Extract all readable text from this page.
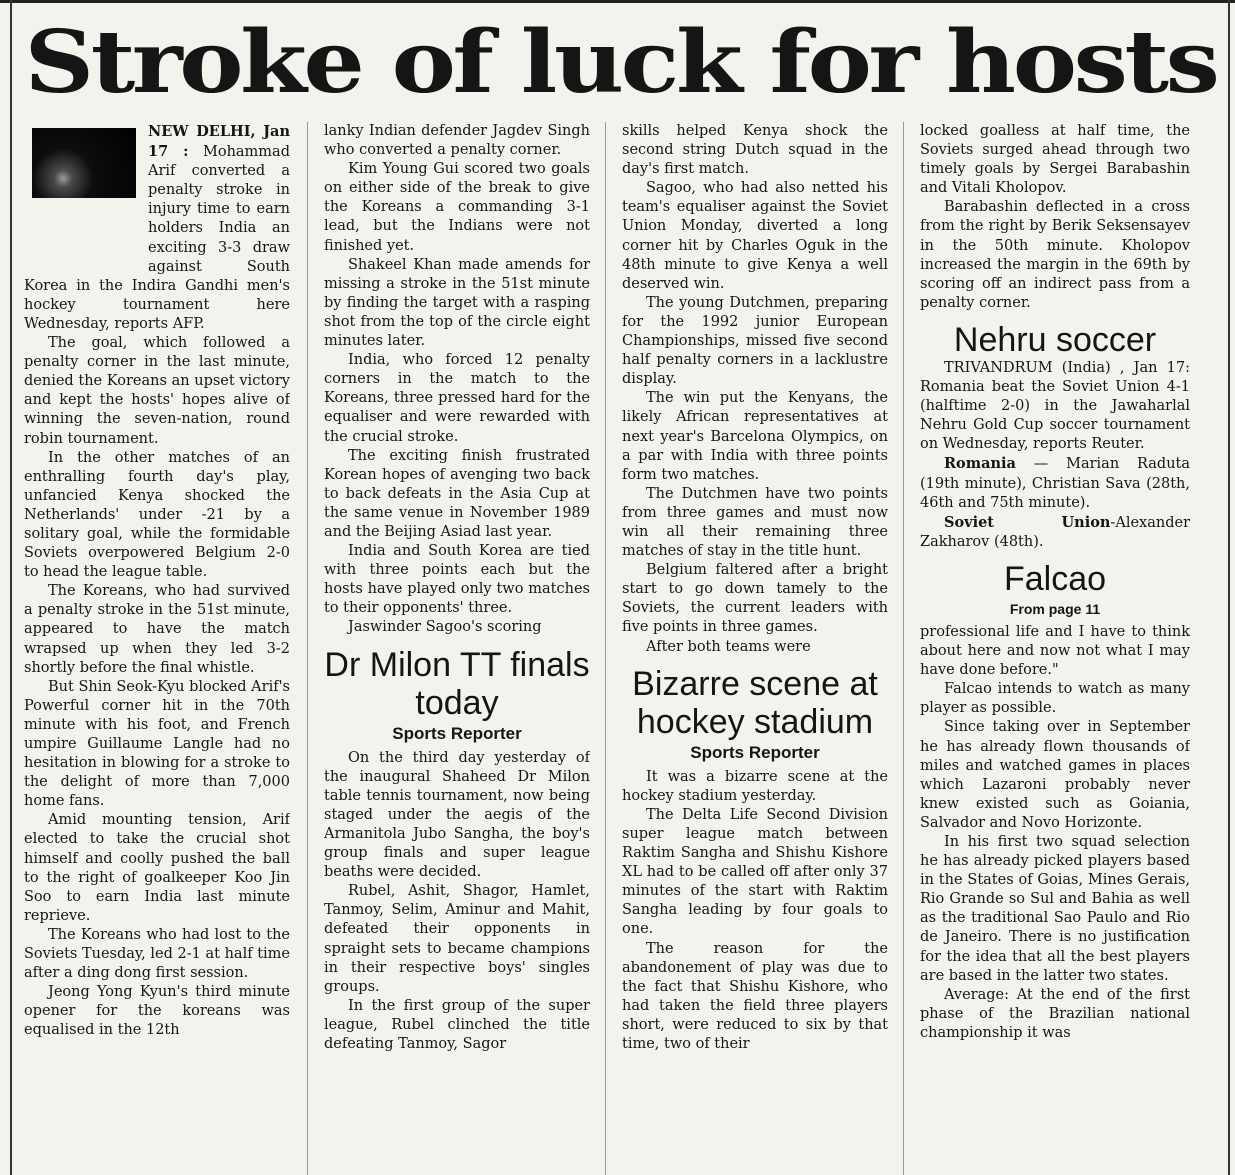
Stroke of luck for hosts

NEW DELHI, Jan 17 : Mohammad Arif converted a penalty stroke in injury time to earn holders India an exciting 3-3 draw against South Korea in the Indira Gandhi men's hockey tournament here Wednesday, reports AFP.

The goal, which followed a penalty corner in the last minute, denied the Koreans an upset victory and kept the hosts' hopes alive of winning the seven-nation, round robin tournament.

In the other matches of an enthralling fourth day's play, unfancied Kenya shocked the Netherlands' under -21 by a solitary goal, while the formidable Soviets overpowered Belgium 2-0 to head the league table.

The Koreans, who had survived a penalty stroke in the 51st minute, appeared to have the match wrapsed up when they led 3-2 shortly before the final whistle.

But Shin Seok-Kyu blocked Arif's Powerful corner hit in the 70th minute with his foot, and French umpire Guillaume Langle had no hesitation in blowing for a stroke to the delight of more than 7,000 home fans.

Amid mounting tension, Arif elected to take the crucial shot himself and coolly pushed the ball to the right of goalkeeper Koo Jin Soo to earn India last minute reprieve.

The Koreans who had lost to the Soviets Tuesday, led 2-1 at half time after a ding dong first session.

Jeong Yong Kyun's third minute opener for the koreans was equalised in the 12th

lanky Indian defender Jagdev Singh who converted a penalty corner.

Kim Young Gui scored two goals on either side of the break to give the Koreans a commanding 3-1 lead, but the Indians were not finished yet.

Shakeel Khan made amends for missing a stroke in the 51st minute by finding the target with a rasping shot from the top of the circle eight minutes later.

India, who forced 12 penalty corners in the match to the Koreans, three pressed hard for the equaliser and were rewarded with the crucial stroke.

The exciting finish frustrated Korean hopes of avenging two back to back defeats in the Asia Cup at the same venue in November 1989 and the Beijing Asiad last year.

India and South Korea are tied with three points each but the hosts have played only two matches to their opponents' three.

Jaswinder Sagoo's scoring

Dr Milon TT finals today
Sports Reporter

On the third day yesterday of the inaugural Shaheed Dr Milon table tennis tournament, now being staged under the aegis of the Armanitola Jubo Sangha, the boy's group finals and super league beaths were decided.

Rubel, Ashit, Shagor, Hamlet, Tanmoy, Selim, Aminur and Mahit, defeated their opponents in spraight sets to became champions in their respective boys' singles groups.

In the first group of the super league, Rubel clinched the title defeating Tanmoy, Sagor

skills helped Kenya shock the second string Dutch squad in the day's first match.

Sagoo, who had also netted his team's equaliser against the Soviet Union Monday, diverted a long corner hit by Charles Oguk in the 48th minute to give Kenya a well deserved win.

The young Dutchmen, preparing for the 1992 junior European Championships, missed five second half penalty corners in a lacklustre display.

The win put the Kenyans, the likely African representatives at next year's Barcelona Olympics, on a par with India with three points form two matches.

The Dutchmen have two points from three games and must now win all their remaining three matches of stay in the title hunt.

Belgium faltered after a bright start to go down tamely to the Soviets, the current leaders with five points in three games.

After both teams were

Bizarre scene at hockey stadium
Sports Reporter

It was a bizarre scene at the hockey stadium yesterday.

The Delta Life Second Division super league match between Raktim Sangha and Shishu Kishore XL had to be called off after only 37 minutes of the start with Raktim Sangha leading by four goals to one.

The reason for the abandonement of play was due to the fact that Shishu Kishore, who had taken the field three players short, were reduced to six by that time, two of their

locked goalless at half time, the Soviets surged ahead through two timely goals by Sergei Barabashin and Vitali Kholopov.

Barabashin deflected in a cross from the right by Berik Seksensayev in the 50th minute. Kholopov increased the margin in the 69th by scoring off an indirect pass from a penalty corner.

Nehru soccer

TRIVANDRUM (India) , Jan 17: Romania beat the Soviet Union 4-1 (halftime 2-0) in the Jawaharlal Nehru Gold Cup soccer tournament on Wednesday, reports Reuter.

Romania — Marian Raduta (19th minute), Christian Sava (28th, 46th and 75th minute).

Soviet Union-Alexander Zakharov (48th).

Falcao
From page 11

professional life and I have to think about here and now not what I may have done before."

Falcao intends to watch as many player as possible.

Since taking over in September he has already flown thousands of miles and watched games in places which Lazaroni probably never knew existed such as Goiania, Salvador and Novo Horizonte.

In his first two squad selection he has already picked players based in the States of Goias, Mines Gerais, Rio Grande so Sul and Bahia as well as the traditional Sao Paulo and Rio de Janeiro. There is no justification for the idea that all the best players are based in the latter two states.

Average: At the end of the first phase of the Brazilian national championship it was
